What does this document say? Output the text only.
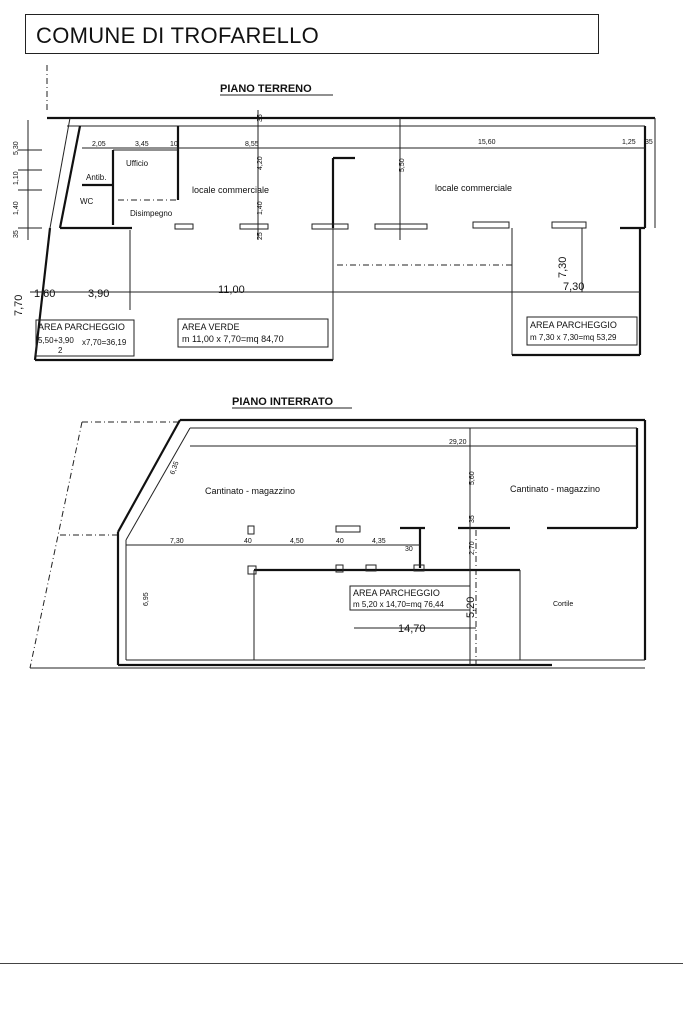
COMUNE DI TROFARELLO
PIANO TERRENO
Ufficio
Antib.
WC
Disimpegno
locale commerciale	locale commerciale
2,05	3,45	10	8,55	15,60	1,25 35
35
4,20
1,40
25
5,50
5,30
1,10
1,40
35
7,70
1,60	3,90	11,00	7,30
7,30
AREA PARCHEGGIO
5,50+3,90 x7,70=36,19
2
AREA VERDE
m 11,00 x 7,70=mq 84,70
AREA PARCHEGGIO
m 7,30 x 7,30=mq 53,29
PIANO INTERRATO
29,20
6,35
5,60
35
7,30	40	4,50	40	4,35
30	2,70
6,95	5,20
14,70
Cantinato - magazzino	Cantinato - magazzino
Cortile
AREA PARCHEGGIO
m 5,20 x 14,70=mq 76,44
